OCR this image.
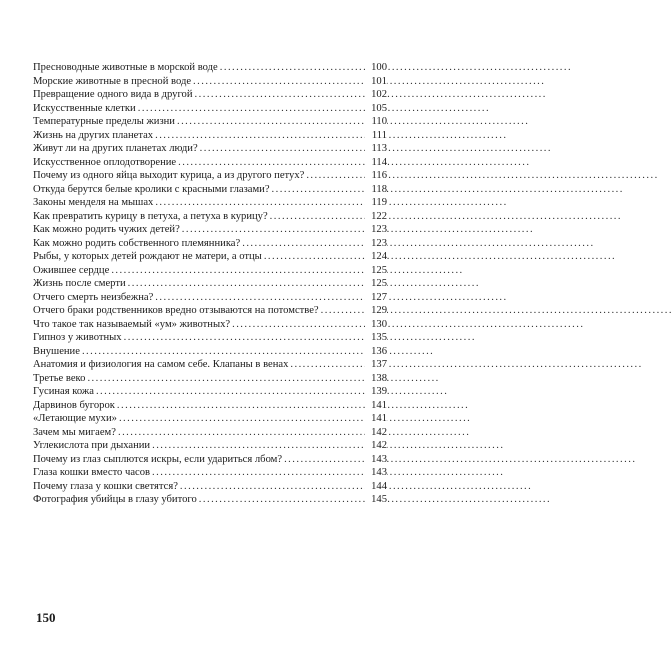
Пресноводные животные в морской воде . . .	100
Морские животные в пресной воде . . .	101
Превращение одного вида в другой . . .	102
Искусственные клетки . . .	105
Температурные пределы жизни . . .	110
Жизнь на других планетах . . .	111
Живут ли на других планетах люди? . . .	113
Искусственное оплодотворение . . .	114
Почему из одного яйца выходит курица, а из другого петух? . . .	116
Откуда берутся белые кролики с красными глазами? . . .	118
Законы менделя на мышах . . .	119
Как превратить курицу в петуха, а петуха в курицу? . . .	122
Как можно родить чужих детей? . . .	123
Как можно родить собственного племянника? . . .	123
Рыбы, у которых детей рождают не матери, а отцы . . .	124
Ожившее сердце . . .	125
Жизнь после смерти . . .	125
Отчего смерть неизбежна? . . .	127
Отчего браки родственников вредно отзываются на потомстве? . . .	129
Что такое так называемый «ум» животных? . . .	130
Гипноз у животных . . .	135
Внушение . . .	136
Анатомия и физиология на самом себе. Клапаны в венах . . .	137
Третье веко . . .	138
Гусиная кожа . . .	139
Дарвинов бугорок . . .	141
«Летающие мухи» . . .	141
Зачем мы мигаем? . . .	142
Углекислота при дыхании . . .	142
Почему из глаз сыплются искры, если удариться лбом? . . .	143
Глаза кошки вместо часов . . .	143
Почему глаза у кошки светятся? . . .	144
Фотография убийцы в глазу убитого . . .	145
150
